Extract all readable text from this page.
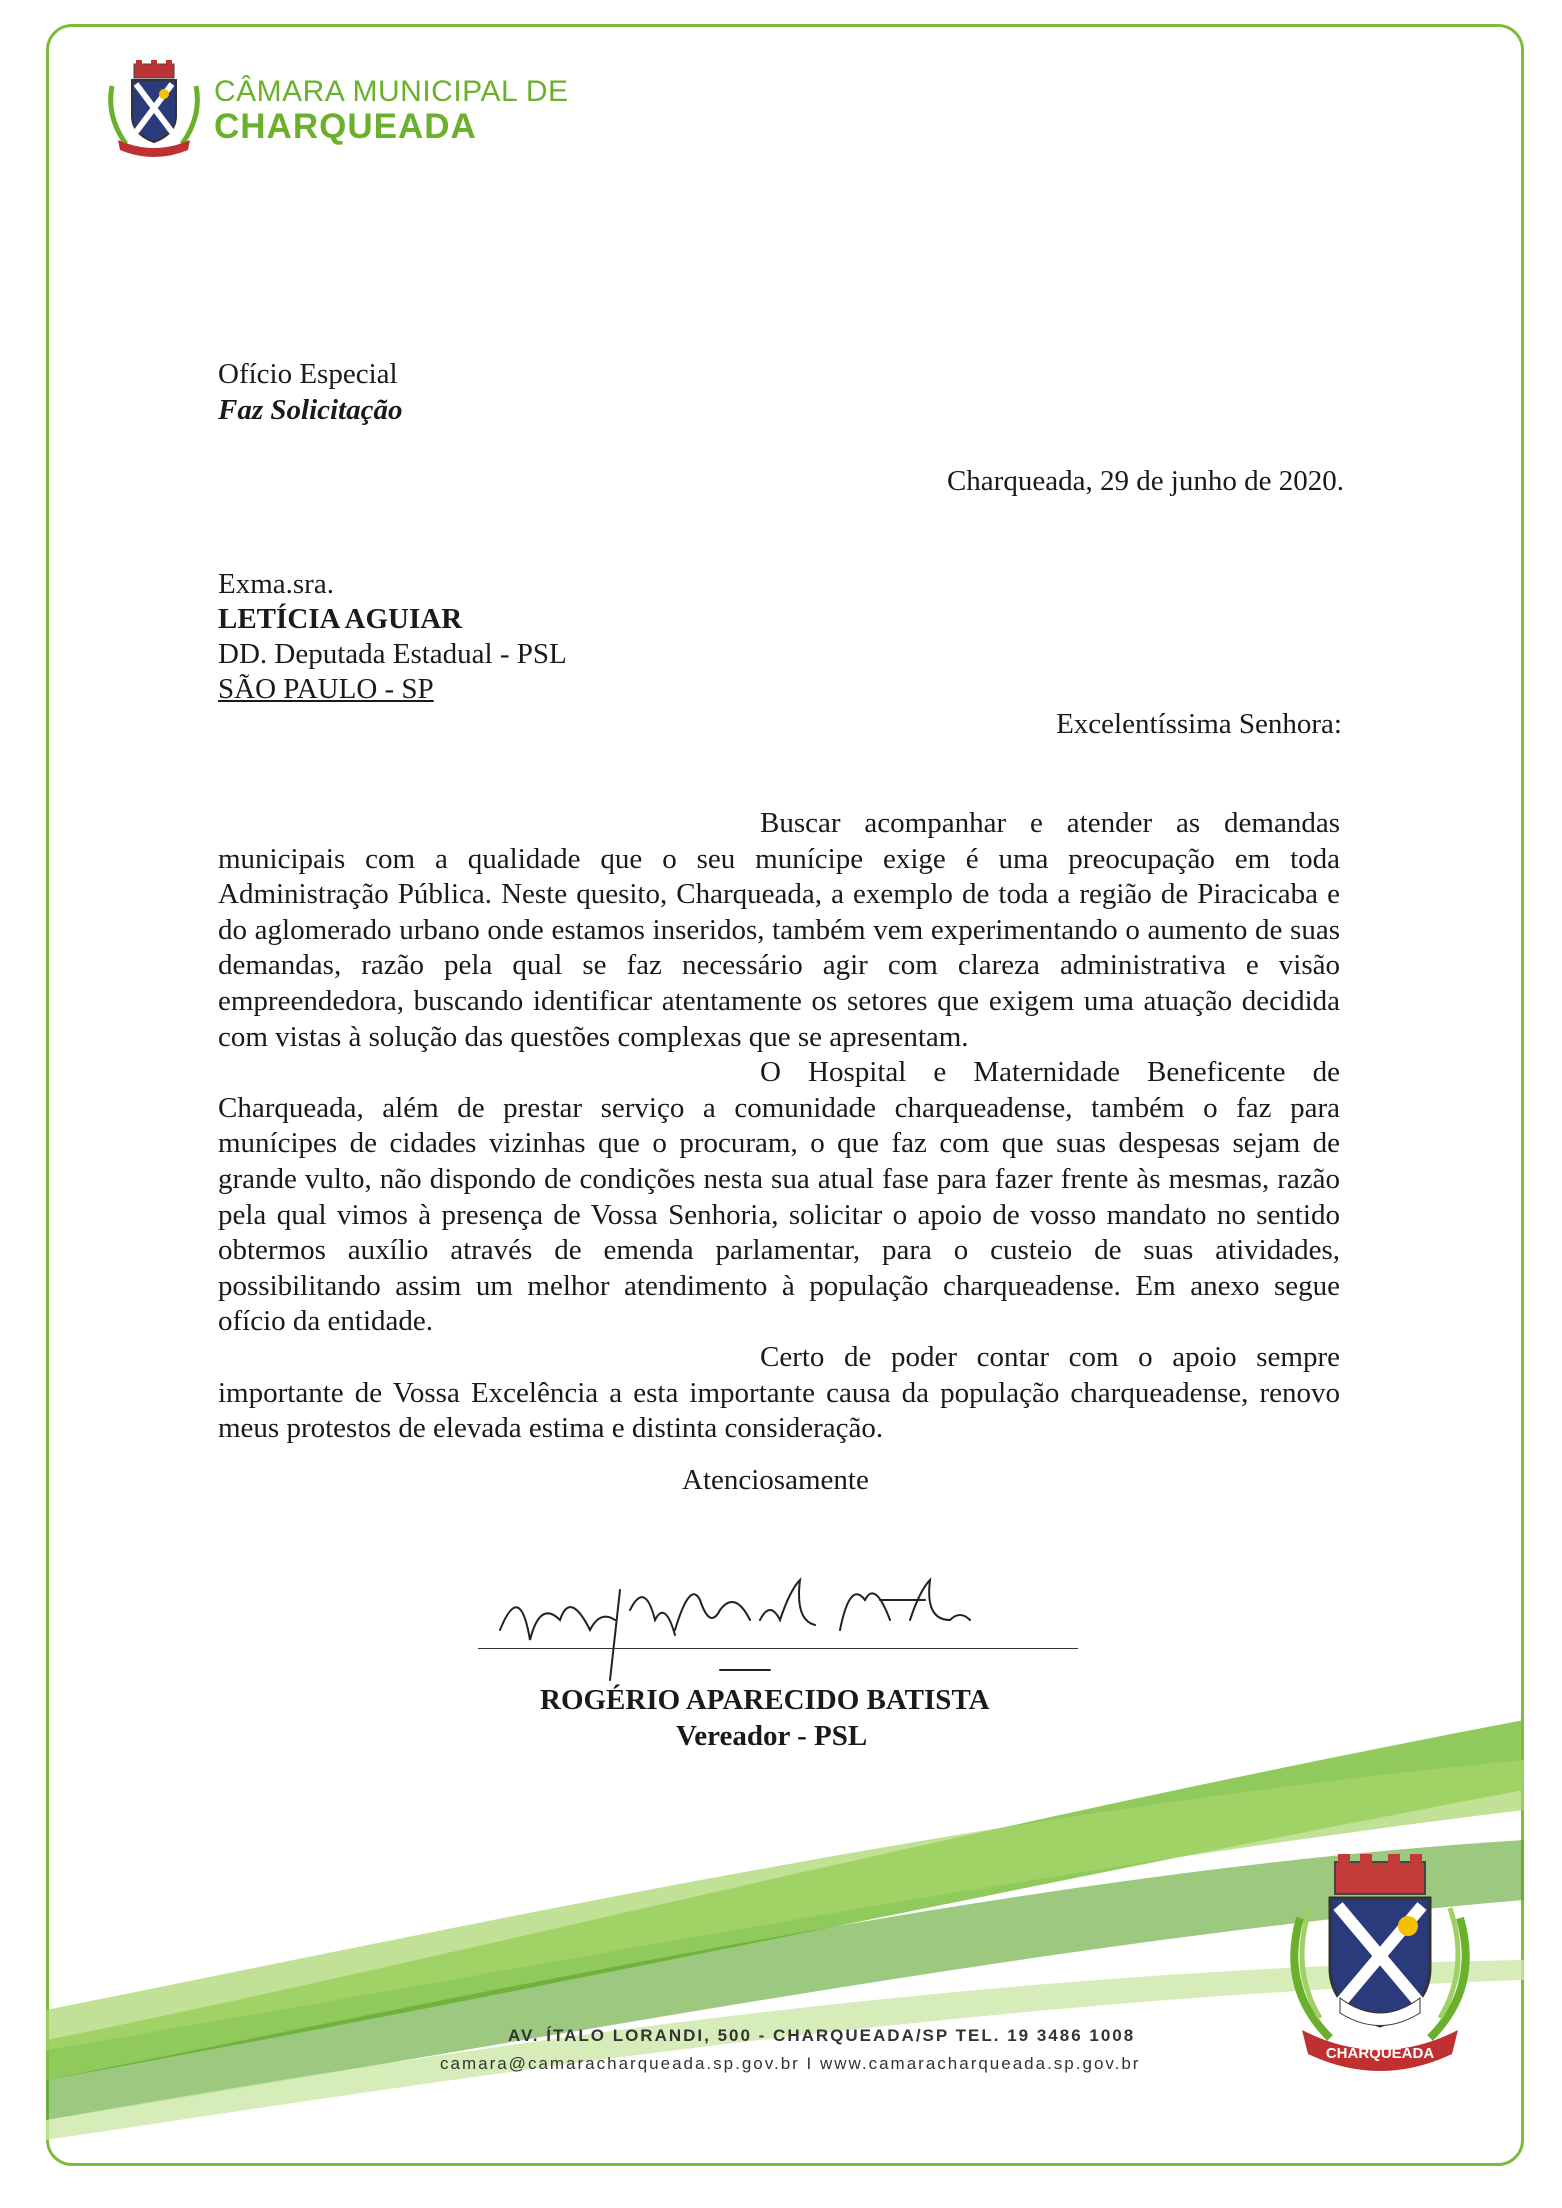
CÂMARA MUNICIPAL DE
CHARQUEADA
Ofício Especial
Faz Solicitação
Charqueada, 29 de junho de 2020.
Exma.sra.
LETÍCIA AGUIAR
DD. Deputada Estadual - PSL
SÃO PAULO - SP
Excelentíssima Senhora:

Buscar acompanhar e atender as demandas municipais com a qualidade que o seu munícipe exige é uma preocupação em toda Administração Pública. Neste quesito, Charqueada, a exemplo de toda a região de Piracicaba e do aglomerado urbano onde estamos inseridos, também vem experimentando o aumento de suas demandas, razão pela qual se faz necessário agir com clareza administrativa e visão empreendedora, buscando identificar atentamente os setores que exigem uma atuação decidida com vistas à solução das questões complexas que se apresentam.

O Hospital e Maternidade Beneficente de Charqueada, além de prestar serviço a comunidade charqueadense, também o faz para munícipes de cidades vizinhas que o procuram, o que faz com que suas despesas sejam de grande vulto, não dispondo de condições nesta sua atual fase para fazer frente às mesmas, razão pela qual vimos à presença de Vossa Senhoria, solicitar o apoio de vosso mandato no sentido obtermos auxílio através de emenda parlamentar, para o custeio de suas atividades, possibilitando assim um melhor atendimento à população charqueadense. Em anexo segue ofício da entidade.

Certo de poder contar com o apoio sempre importante de Vossa Excelência a esta importante causa da população charqueadense, renovo meus protestos de elevada estima e distinta consideração.

Atenciosamente
ROGÉRIO APARECIDO BATISTA
Vereador - PSL
AV. ÍTALO LORANDI, 500 - CHARQUEADA/SP TEL. 19 3486 1008
camara@camaracharqueada.sp.gov.br I www.camaracharqueada.sp.gov.br
CHARQUEADA
